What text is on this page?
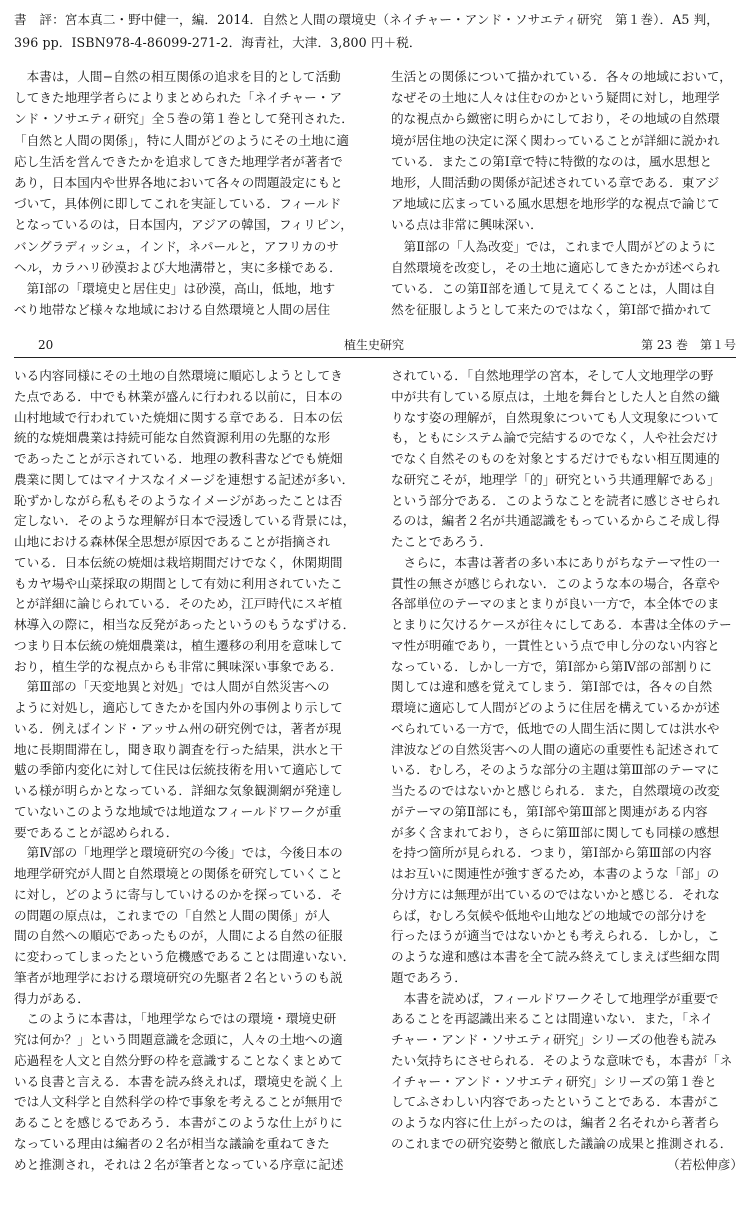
書　評：宮本真二・野中健一，編．2014．自然と人間の環境史（ネイチャー・アンド・ソサエティ研究　第１巻）．A5 判，
396 pp．ISBN978-4-86099-271-2．海青社，大津．3,800 円＋税．
　本書は，人間−自然の相互関係の追求を目的として活動
してきた地理学者らによりまとめられた「ネイチャー・ア
ンド・ソサエティ研究」全５巻の第１巻として発刊された．
「自然と人間の関係」，特に人間がどのようにその土地に適
応し生活を営んできたかを追求してきた地理学者が著者で
あり，日本国内や世界各地において各々の問題設定にもと
づいて，具体例に即してこれを実証している．フィールド
となっているのは，日本国内，アジアの韓国，フィリピン，
バングラディッシュ，インド，ネパールと，アフリカのサ
ヘル，カラハリ砂漠および大地溝帯と，実に多様である．
　第Ⅰ部の「環境史と居住史」は砂漠，高山，低地，地す
べり地帯など様々な地域における自然環境と人間の居住
生活との関係について描かれている．各々の地域において，
なぜその土地に人々は住むのかという疑問に対し，地理学
的な視点から緻密に明らかにしており，その地域の自然環
境が居住地の決定に深く関わっていることが詳細に説かれ
ている．またこの第Ⅰ章で特に特徴的なのは，風水思想と
地形，人間活動の関係が記述されている章である．東アジ
ア地域に広まっている風水思想を地形学的な視点で論じて
いる点は非常に興味深い．
　第Ⅱ部の「人為改変」では，これまで人間がどのように
自然環境を改変し，その土地に適応してきたかが述べられ
ている．この第Ⅱ部を通して見えてくることは，人間は自
然を征服しようとして来たのではなく，第Ⅰ部で描かれて
20	植生史研究	第 23 巻　第１号
いる内容同様にその土地の自然環境に順応しようとしてき
た点である．中でも林業が盛んに行われる以前に，日本の
山村地域で行われていた焼畑に関する章である．日本の伝
統的な焼畑農業は持続可能な自然資源利用の先駆的な形
であったことが示されている．地理の教科書などでも焼畑
農業に関してはマイナスなイメージを連想する記述が多い．
恥ずかしながら私もそのようなイメージがあったことは否
定しない．そのような理解が日本で浸透している背景には，
山地における森林保全思想が原因であることが指摘され
ている．日本伝統の焼畑は栽培期間だけでなく，休閑期間
もカヤ場や山菜採取の期間として有効に利用されていたこ
とが詳細に論じられている．そのため，江戸時代にスギ植
林導入の際に，相当な反発があったというのもうなずける．
つまり日本伝統の焼畑農業は，植生遷移の利用を意味して
おり，植生学的な視点からも非常に興味深い事象である．
　第Ⅲ部の「天変地異と対処」では人間が自然災害への
ように対処し，適応してきたかを国内外の事例より示して
いる．例えばインド・アッサム州の研究例では，著者が現
地に長期間滞在し，聞き取り調査を行った結果，洪水と干
魃の季節内変化に対して住民は伝統技術を用いて適応して
いる様が明らかとなっている．詳細な気象観測網が発達し
ていないこのような地域では地道なフィールドワークが重
要であることが認められる．
　第Ⅳ部の「地理学と環境研究の今後」では，今後日本の
地理学研究が人間と自然環境との関係を研究していくこと
に対し，どのように寄与していけるのかを探っている．そ
の問題の原点は，これまでの「自然と人間の関係」が人
間の自然への順応であったものが，人間による自然の征服
に変わってしまったという危機感であることは間違いない．
筆者が地理学における環境研究の先駆者２名というのも説
得力がある．
　このように本書は，「地理学ならではの環境・環境史研
究は何か？」という問題意識を念頭に，人々の土地への適
応過程を人文と自然分野の枠を意識することなくまとめて
いる良書と言える．本書を読み終えれば，環境史を説く上
では人文科学と自然科学の枠で事象を考えることが無用で
あることを感じるであろう．本書がこのような仕上がりに
なっている理由は編者の２名が相当な議論を重ねてきた
めと推測され，それは２名が筆者となっている序章に記述
されている．「自然地理学の宮本，そして人文地理学の野
中が共有している原点は，土地を舞台とした人と自然の織
りなす姿の理解が，自然現象についても人文現象について
も，ともにシステム論で完結するのでなく，人や社会だけ
でなく自然そのものを対象とするだけでもない相互関連的
な研究こそが，地理学「的」研究という共通理解である」
という部分である．このようなことを読者に感じさせられ
るのは，編者２名が共通認識をもっているからこそ成し得
たことであろう．
　さらに，本書は著者の多い本にありがちなテーマ性の一
貫性の無さが感じられない．このような本の場合，各章や
各部単位のテーマのまとまりが良い一方で，本全体でのま
とまりに欠けるケースが往々にしてある．本書は全体のテー
マ性が明確であり，一貫性という点で申し分のない内容と
なっている．しかし一方で，第Ⅰ部から第Ⅳ部の部割りに
関しては違和感を覚えてしまう．第Ⅰ部では，各々の自然
環境に適応して人間がどのように住居を構えているかが述
べられている一方で，低地での人間生活に関しては洪水や
津波などの自然災害への人間の適応の重要性も記述されて
いる．むしろ，そのような部分の主題は第Ⅲ部のテーマに
当たるのではないかと感じられる．また，自然環境の改変
がテーマの第Ⅱ部にも，第Ⅰ部や第Ⅲ部と関連がある内容
が多く含まれており，さらに第Ⅲ部に関しても同様の感想
を持つ箇所が見られる．つまり，第Ⅰ部から第Ⅲ部の内容
はお互いに関連性が強すぎるため，本書のような「部」の
分け方には無理が出ているのではないかと感じる．それな
らば，むしろ気候や低地や山地などの地域での部分けを
行ったほうが適当ではないかとも考えられる．しかし，こ
のような違和感は本書を全て読み終えてしまえば些細な問
題であろう．
　本書を読めば，フィールドワークそして地理学が重要で
あることを再認識出来ることは間違いない．また，「ネイ
チャー・アンド・ソサエティ研究」シリーズの他巻も読み
たい気持ちにさせられる．そのような意味でも，本書が「ネ
イチャー・アンド・ソサエティ研究」シリーズの第１巻と
してふさわしい内容であったということである．本書がこ
のような内容に仕上がったのは，編者２名それから著者ら
のこれまでの研究姿勢と徹底した議論の成果と推測される．
（若松伸彦）
